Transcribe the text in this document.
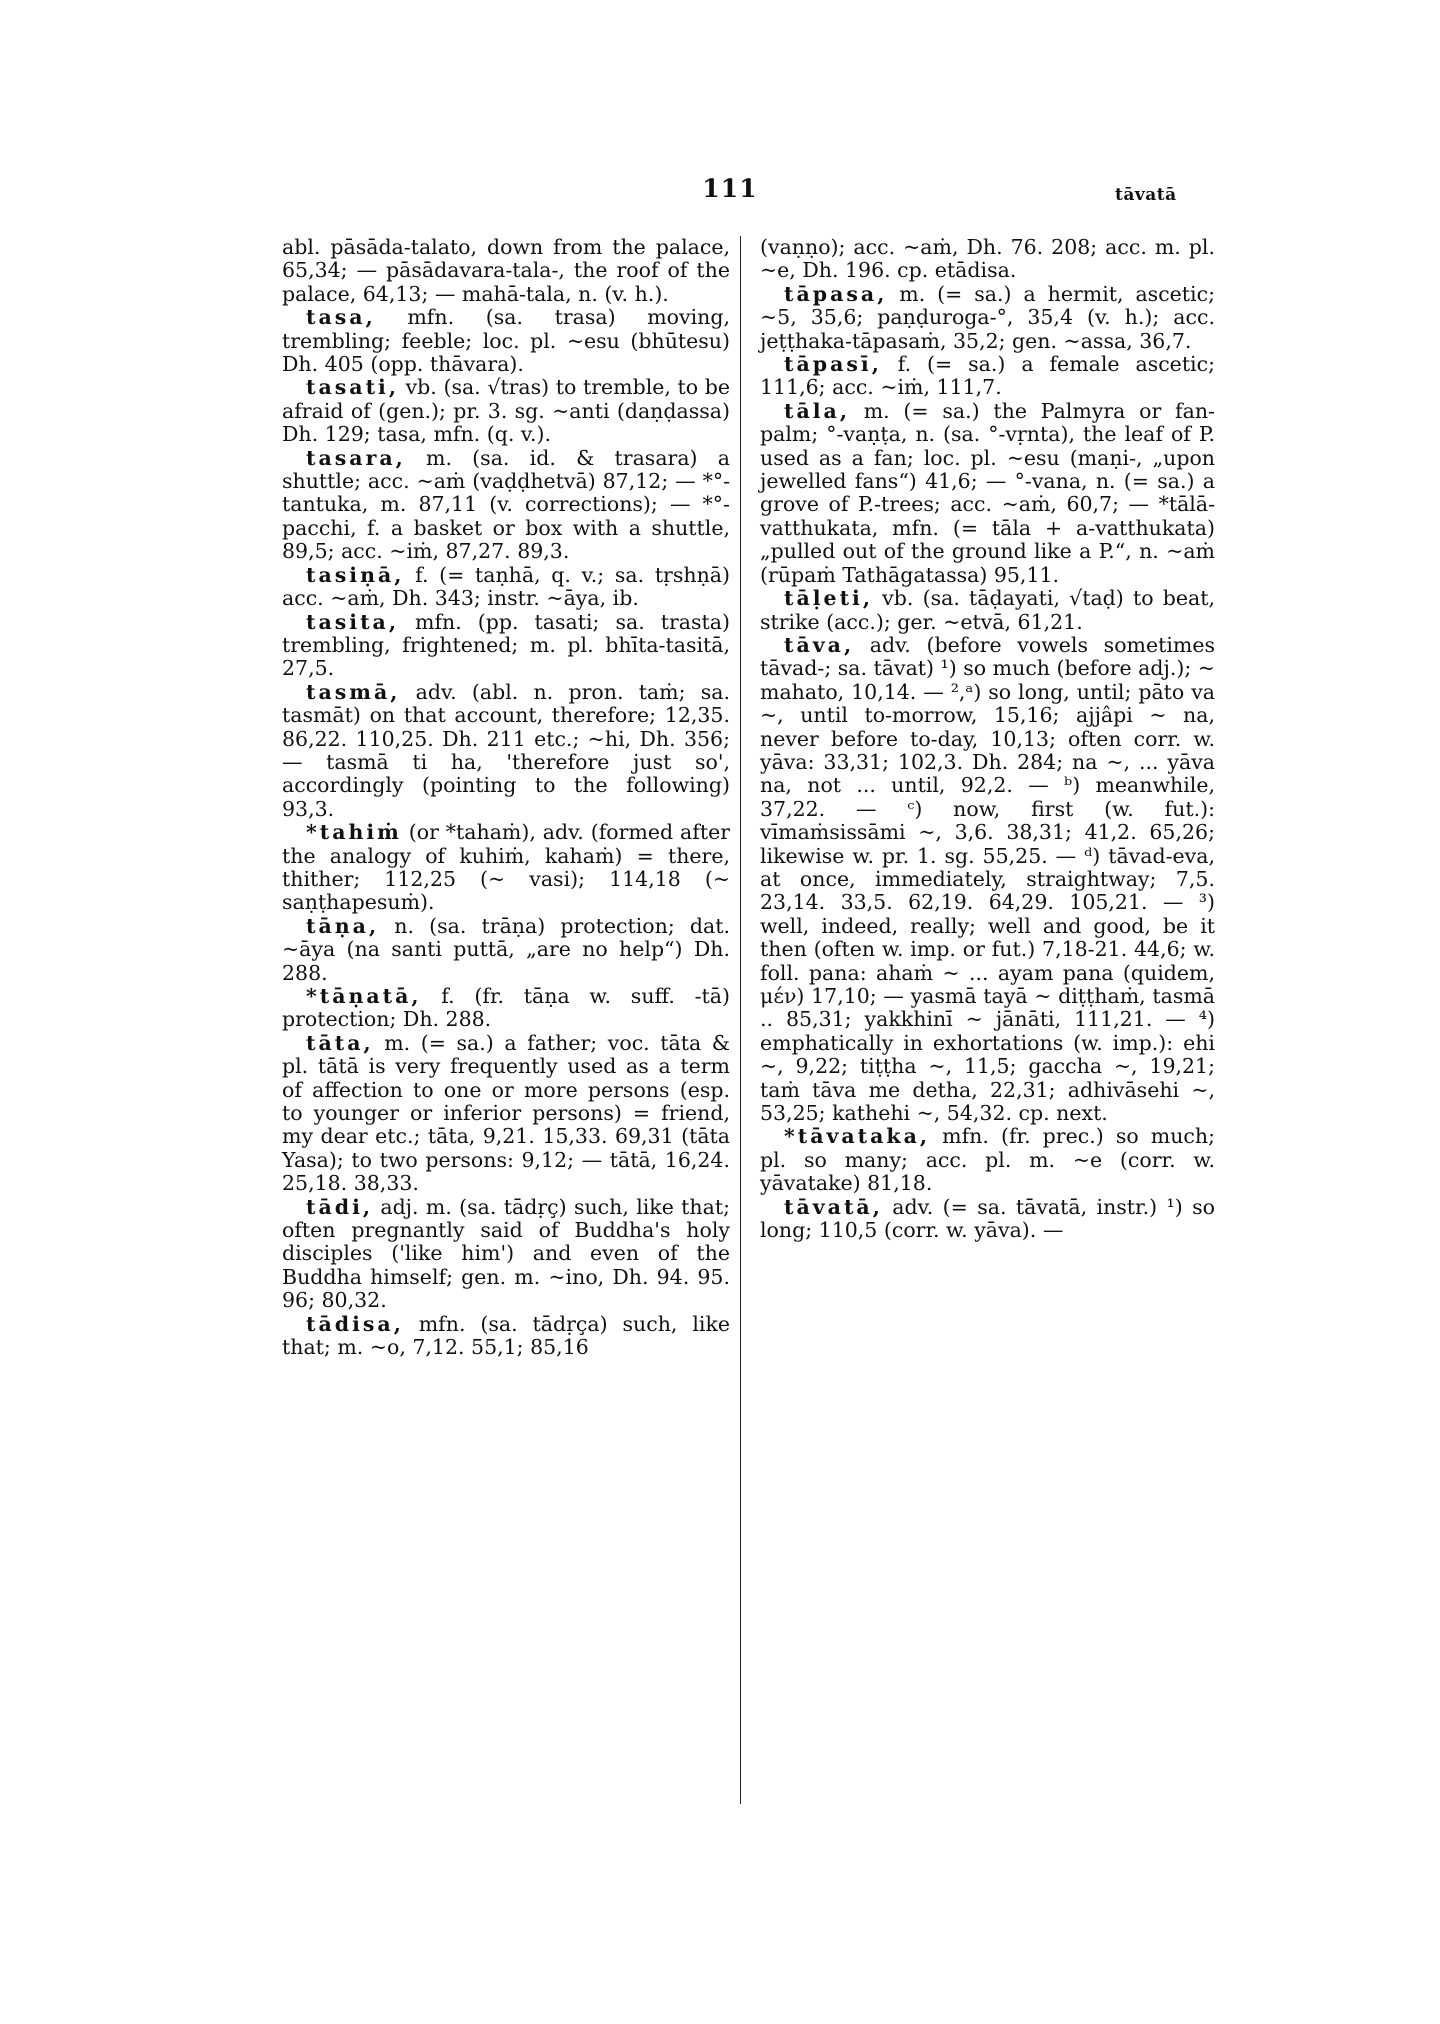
111	tāvatā

abl. pāsāda-talato, down from the palace, 65,34; — pāsādavara-tala-, the roof of the palace, 64,13; — mahā-tala, n. (v. h.).

tasa, mfn. (sa. trasa) moving, trembling; feeble; loc. pl. ~esu (bhūtesu) Dh. 405 (opp. thāvara).

tasati, vb. (sa. √tras) to tremble, to be afraid of (gen.); pr. 3. sg. ~anti (daṇḍassa) Dh. 129; tasa, mfn. (q. v.).

tasara, m. (sa. id. & trasara) a shuttle; acc. ~aṁ (vaḍḍhetvā) 87,12; — *°-tantuka, m. 87,11 (v. corrections); — *°-pacchi, f. a basket or box with a shuttle, 89,5; acc. ~iṁ, 87,27. 89,3.

tasiṇā, f. (= taṇhā, q. v.; sa. tṛshṇā) acc. ~aṁ, Dh. 343; instr. ~āya, ib.

tasita, mfn. (pp. tasati; sa. trasta) trembling, frightened; m. pl. bhīta-tasitā, 27,5.

tasmā, adv. (abl. n. pron. taṁ; sa. tasmāt) on that account, therefore; 12,35. 86,22. 110,25. Dh. 211 etc.; ~hi, Dh. 356; — tasmā ti ha, 'therefore just so', accordingly (pointing to the following) 93,3.

*tahiṁ (or *tahaṁ), adv. (formed after the analogy of kuhiṁ, kahaṁ) = there, thither; 112,25 (~ vasi); 114,18 (~ saṇṭhapesuṁ).

tāṇa, n. (sa. trāṇa) protection; dat. ~āya (na santi puttā, „are no help“) Dh. 288.

*tāṇatā, f. (fr. tāṇa w. suff. -tā) protection; Dh. 288.

tāta, m. (= sa.) a father; voc. tāta & pl. tātā is very frequently used as a term of affection to one or more persons (esp. to younger or inferior persons) = friend, my dear etc.; tāta, 9,21. 15,33. 69,31 (tāta Yasa); to two persons: 9,12; — tātā, 16,24. 25,18. 38,33.

tādi, adj. m. (sa. tādṛç) such, like that; often pregnantly said of Buddha's holy disciples ('like him') and even of the Buddha himself; gen. m. ~ino, Dh. 94. 95. 96; 80,32.

tādisa, mfn. (sa. tādṛça) such, like that; m. ~o, 7,12. 55,1; 85,16

(vaṇṇo); acc. ~aṁ, Dh. 76. 208; acc. m. pl. ~e, Dh. 196. cp. etādisa.

tāpasa, m. (= sa.) a hermit, ascetic; ~5, 35,6; paṇḍuroga-°, 35,4 (v. h.); acc. jeṭṭhaka-tāpasaṁ, 35,2; gen. ~assa, 36,7.

tāpasī, f. (= sa.) a female ascetic; 111,6; acc. ~iṁ, 111,7.

tāla, m. (= sa.) the Palmyra or fan-palm; °-vaṇṭa, n. (sa. °-vṛnta), the leaf of P. used as a fan; loc. pl. ~esu (maṇi-, „upon jewelled fans“) 41,6; — °-vana, n. (= sa.) a grove of P.-trees; acc. ~aṁ, 60,7; — *tālā-vatthukata, mfn. (= tāla + a-vatthukata) „pulled out of the ground like a P.“, n. ~aṁ (rūpaṁ Tathāgatassa) 95,11.

tāḷeti, vb. (sa. tāḍayati, √taḍ) to beat, strike (acc.); ger. ~etvā, 61,21.

tāva, adv. (before vowels sometimes tāvad-; sa. tāvat) ¹) so much (before adj.); ~ mahato, 10,14. — ²,ᵃ) so long, until; pāto va ~, until to-morrow, 15,16; ajjâpi ~ na, never before to-day, 10,13; often corr. w. yāva: 33,31; 102,3. Dh. 284; na ~, ... yāva na, not ... until, 92,2. — ᵇ) meanwhile, 37,22. — ᶜ) now, first (w. fut.): vīmaṁsissāmi ~, 3,6. 38,31; 41,2. 65,26; likewise w. pr. 1. sg. 55,25. — ᵈ) tāvad-eva, at once, immediately, straightway; 7,5. 23,14. 33,5. 62,19. 64,29. 105,21. — ³) well, indeed, really; well and good, be it then (often w. imp. or fut.) 7,18-21. 44,6; w. foll. pana: ahaṁ ~ ... ayam pana (quidem, μέν) 17,10; — yasmā tayā ~ diṭṭhaṁ, tasmā .. 85,31; yakkhinī ~ jānāti, 111,21. — ⁴) emphatically in exhortations (w. imp.): ehi ~, 9,22; tiṭṭha ~, 11,5; gaccha ~, 19,21; taṁ tāva me detha, 22,31; adhivāsehi ~, 53,25; kathehi ~, 54,32. cp. next.

*tāvataka, mfn. (fr. prec.) so much; pl. so many; acc. pl. m. ~e (corr. w. yāvatake) 81,18.

tāvatā, adv. (= sa. tāvatā, instr.) ¹) so long; 110,5 (corr. w. yāva). —
